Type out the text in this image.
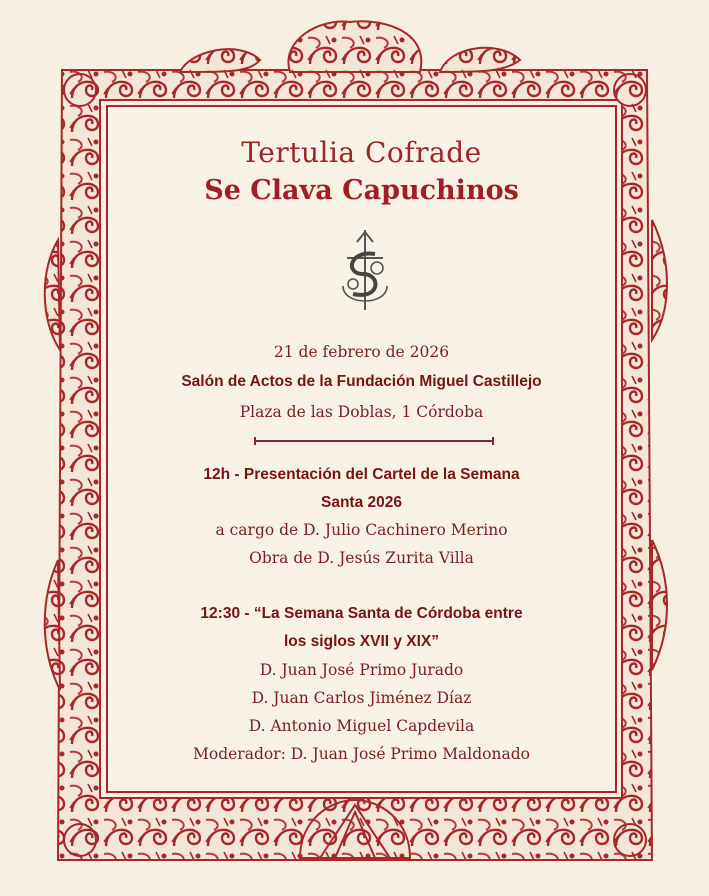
Tertulia Cofrade
Se Clava Capuchinos
21 de febrero de 2026
Salón de Actos de la Fundación Miguel Castillejo
Plaza de las Doblas, 1 Córdoba
12h - Presentación del Cartel de la Semana
Santa 2026
a cargo de D. Julio Cachinero Merino
Obra de D. Jesús Zurita Villa
12:30 - “La Semana Santa de Córdoba entre
los siglos XVII y XIX”
D. Juan José Primo Jurado
D. Juan Carlos Jiménez Díaz
D. Antonio Miguel Capdevila
Moderador: D. Juan José Primo Maldonado
